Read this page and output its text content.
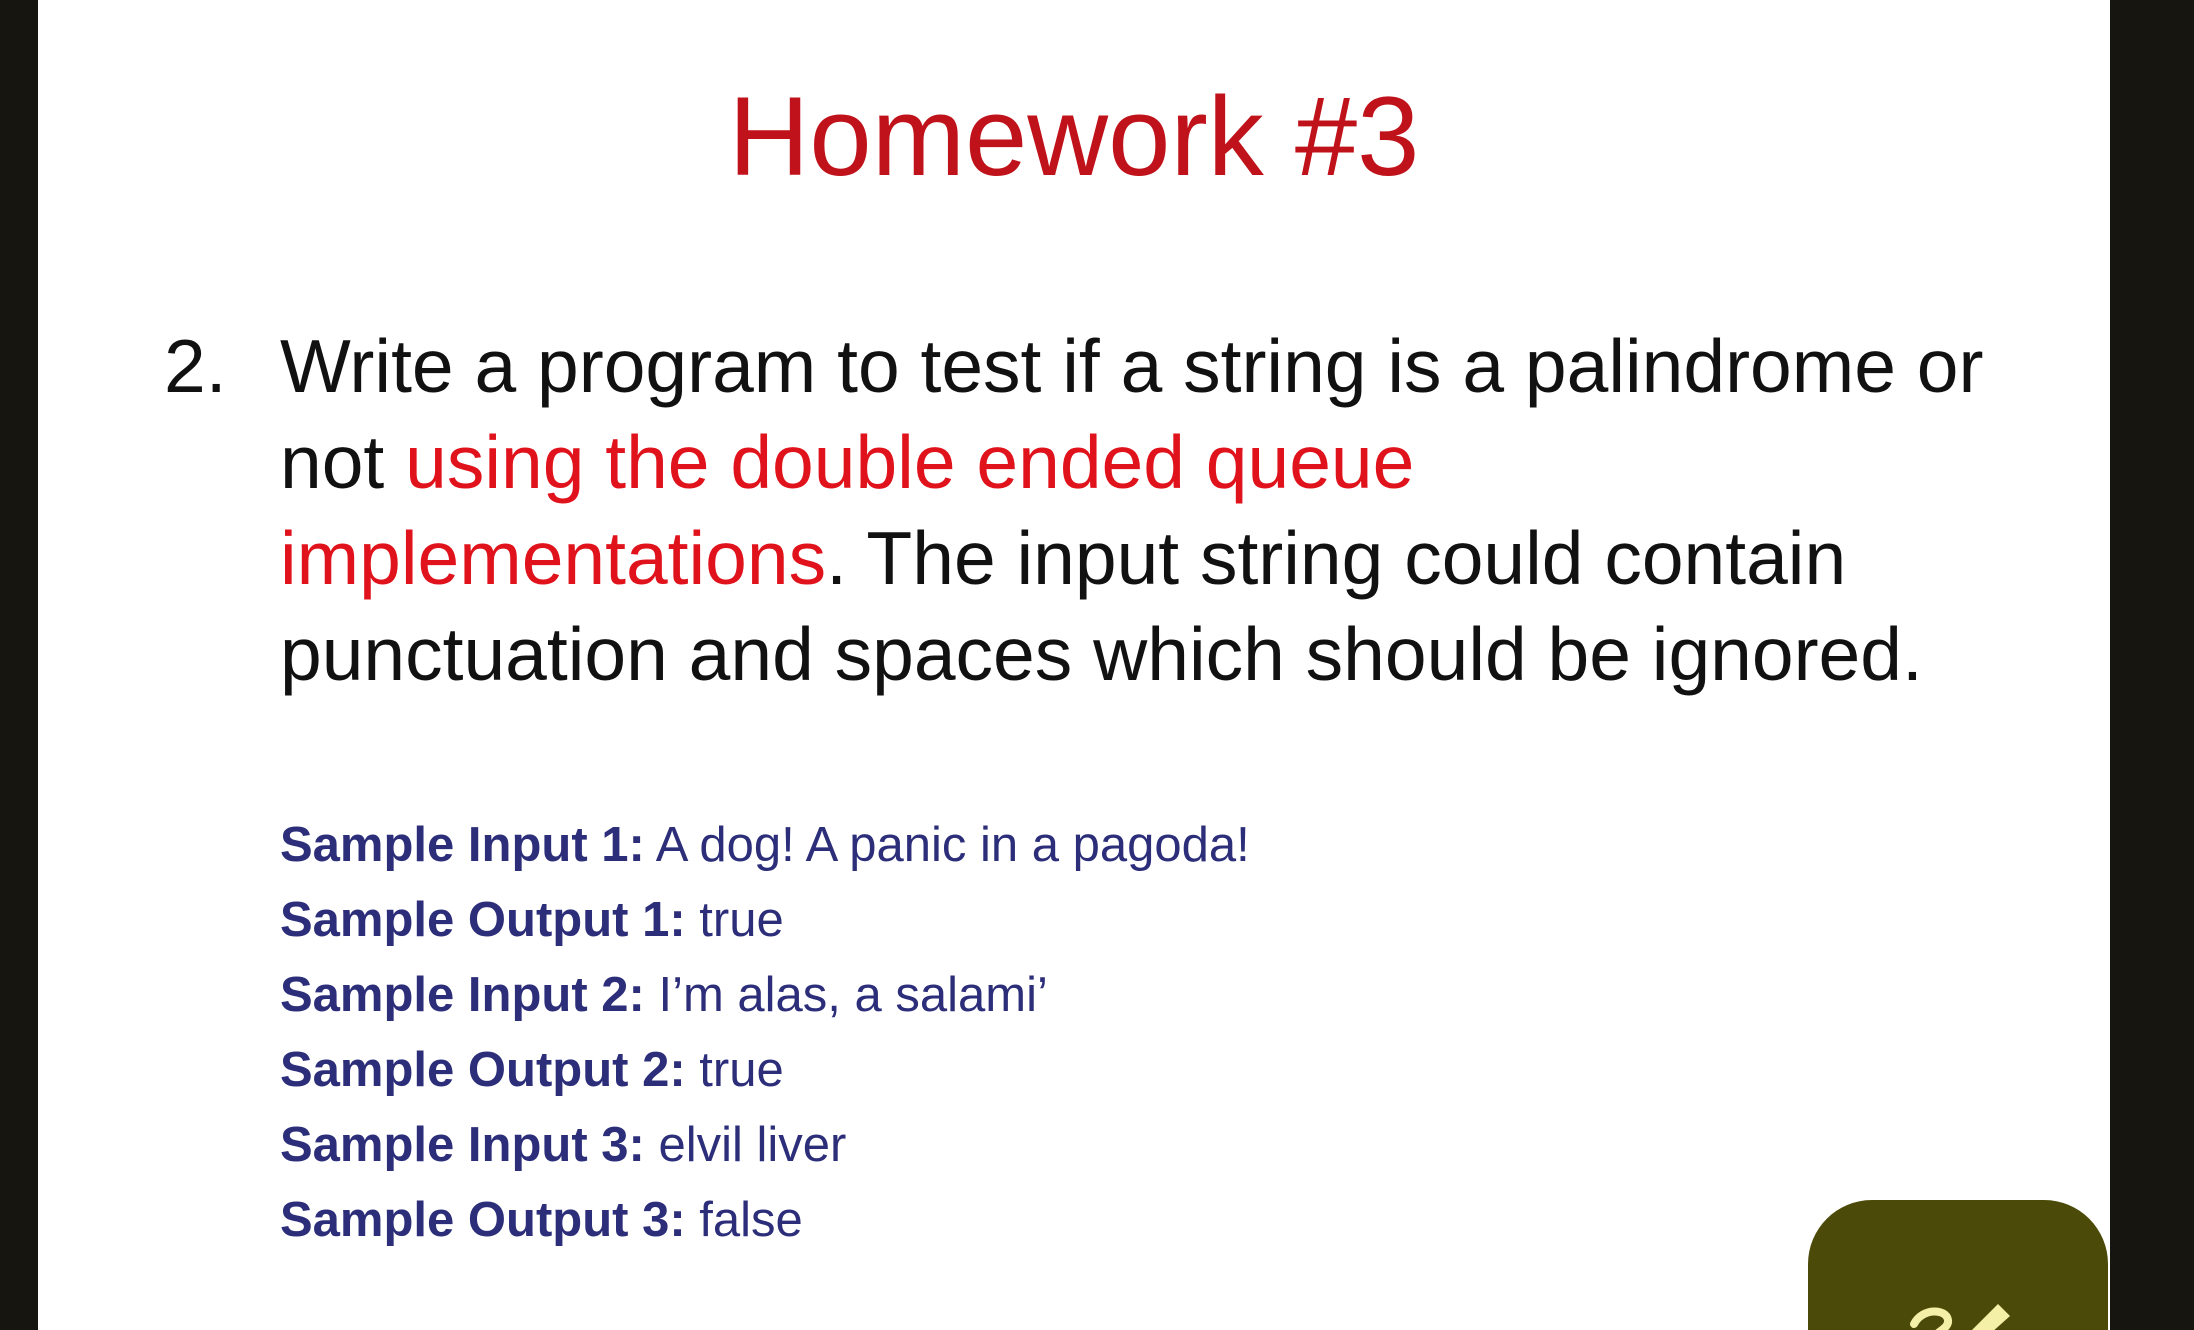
Homework #3
2. Write a program to test if a string is a palindrome or not using the double ended queue implementations. The input string could contain punctuation and spaces which should be ignored.

Sample Input 1: A dog! A panic in a pagoda!
Sample Output 1: true
Sample Input 2: I’m alas, a salami’
Sample Output 2: true
Sample Input 3: elvil liver
Sample Output 3: false
